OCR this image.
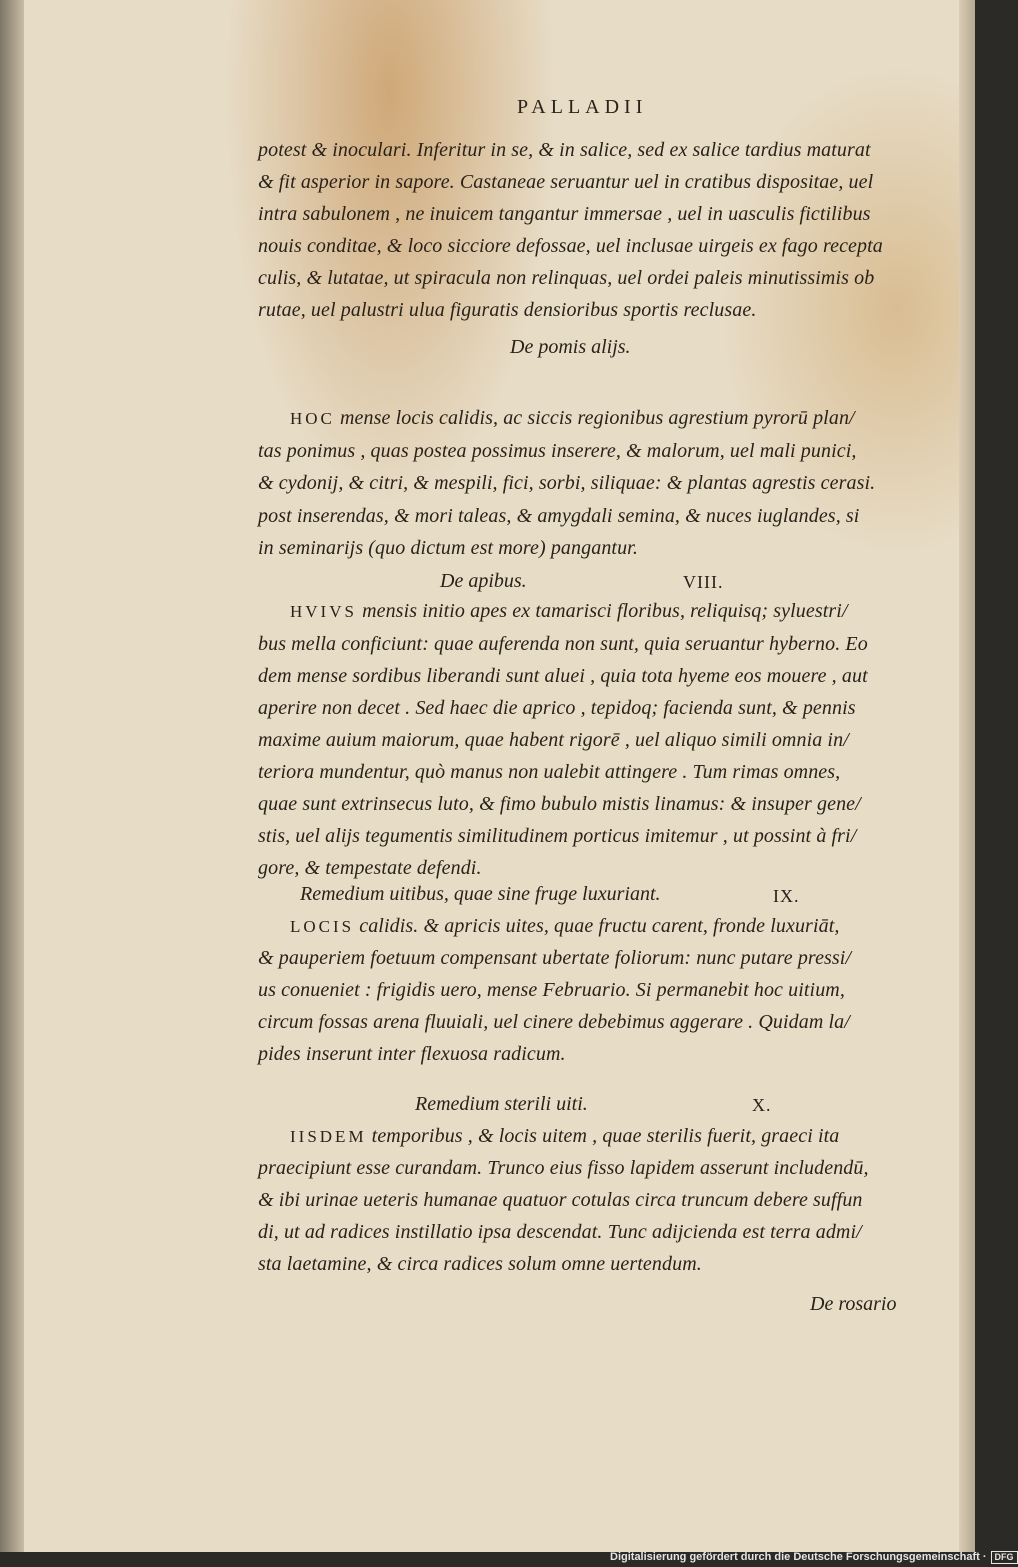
PALLADII
potest & inoculari. Inferitur in se, & in salice, sed ex salice tardius maturat
& fit asperior in sapore. Castaneae seruantur uel in cratibus dispositae, uel
intra sabulonem , ne inuicem tangantur immersae , uel in uasculis fictilibus
nouis conditae, & loco sicciore defossae, uel inclusae uirgeis ex fago recepta
culis, & lutatae, ut spiracula non relinquas, uel ordei paleis minutissimis ob
rutae, uel palustri ulua figuratis densioribus sportis reclusae.
De pomis alijs.
HOC mense locis calidis, ac siccis regionibus agrestium pyrorū plan/
tas ponimus , quas postea possimus inserere, & malorum, uel mali punici,
& cydonij, & citri, & mespili, fici, sorbi, siliquae: & plantas agrestis cerasi.
post inserendas, & mori taleas, & amygdali semina, & nuces iuglandes, si
in seminarijs (quo dictum est more) pangantur.
De apibus.	VIII.
HVIVS mensis initio apes ex tamarisci floribus, reliquisq; syluestri/
bus mella conficiunt: quae auferenda non sunt, quia seruantur hyberno. Eo
dem mense sordibus liberandi sunt aluei , quia tota hyeme eos mouere , aut
aperire non decet . Sed haec die aprico , tepidoq; facienda sunt, & pennis
maxime auium maiorum, quae habent rigorē , uel aliquo simili omnia in/
teriora mundentur, quò manus non ualebit attingere . Tum rimas omnes,
quae sunt extrinsecus luto, & fimo bubulo mistis linamus: & insuper gene/
stis, uel alijs tegumentis similitudinem porticus imitemur , ut possint à fri/
gore, & tempestate defendi.
Remedium uitibus, quae sine fruge luxuriant.	IX.
LOCIS calidis. & apricis uites, quae fructu carent, fronde luxuriāt,
& pauperiem foetuum compensant ubertate foliorum: nunc putare pressi/
us conueniet : frigidis uero, mense Februario. Si permanebit hoc uitium,
circum fossas arena fluuiali, uel cinere debebimus aggerare . Quidam la/
pides inserunt inter flexuosa radicum.
Remedium sterili uiti.	X.
IISDEM temporibus , & locis uitem , quae sterilis fuerit, graeci ita
praecipiunt esse curandam. Trunco eius fisso lapidem asserunt includendū,
& ibi urinae ueteris humanae quatuor cotulas circa truncum debere suffun
di, ut ad radices instillatio ipsa descendat. Tunc adijcienda est terra admi/
sta laetamine, & circa radices solum omne uertendum.
De rosario
Digitalisierung gefördert durch die Deutsche Forschungsgemeinschaft · DFG
